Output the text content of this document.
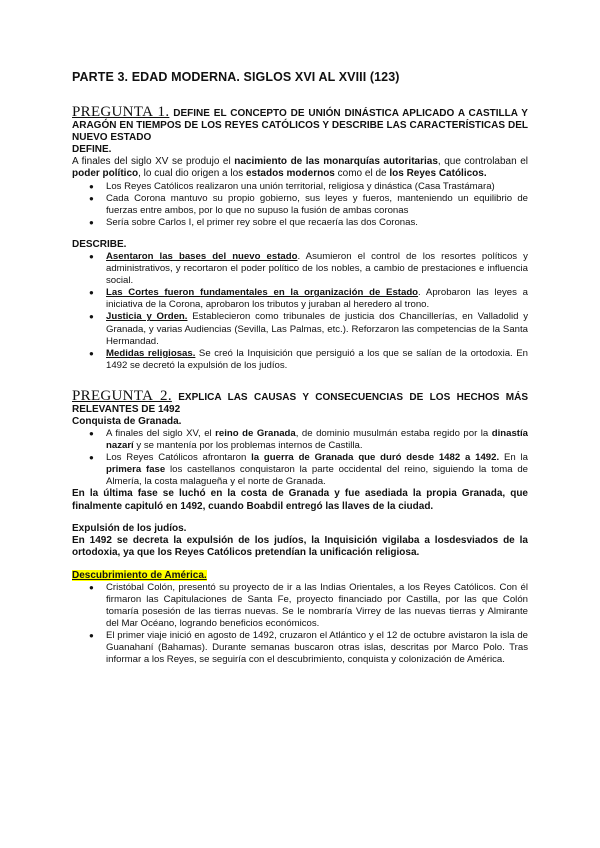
PARTE 3. EDAD MODERNA. SIGLOS XVI AL XVIII (123)

PREGUNTA 1. DEFINE EL CONCEPTO DE UNIÓN DINÁSTICA APLICADO A CASTILLA Y ARAGÓN EN TIEMPOS DE LOS REYES CATÓLICOS Y DESCRIBE LAS CARACTERÍSTICAS DEL NUEVO ESTADO

DEFINE.

A finales del siglo XV se produjo el nacimiento de las monarquías autoritarias, que controlaban el poder político, lo cual dio origen a los estados modernos como el de los Reyes Católicos.

● Los Reyes Católicos realizaron una unión territorial, religiosa y dinástica (Casa Trastámara)
● Cada Corona mantuvo su propio gobierno, sus leyes y fueros, manteniendo un equilibrio de fuerzas entre ambos, por lo que no supuso la fusión de ambas coronas
● Sería sobre Carlos I, el primer rey sobre el que recaería las dos Coronas.

DESCRIBE.

● Asentaron las bases del nuevo estado. Asumieron el control de los resortes políticos y administrativos, y recortaron el poder político de los nobles, a cambio de prestaciones e influencia social.
● Las Cortes fueron fundamentales en la organización de Estado. Aprobaron las leyes a iniciativa de la Corona, aprobaron los tributos y juraban al heredero al trono.
● Justicia y Orden. Establecieron como tribunales de justicia dos Chancillerías, en Valladolid y Granada, y varias Audiencias (Sevilla, Las Palmas, etc.). Reforzaron las competencias de la Santa Hermandad.
● Medidas religiosas. Se creó la Inquisición que persiguió a los que se salían de la ortodoxia. En 1492 se decretó la expulsión de los judíos.

PREGUNTA 2. EXPLICA LAS CAUSAS Y CONSECUENCIAS DE LOS HECHOS MÁS RELEVANTES DE 1492

Conquista de Granada.

● A finales del siglo XV, el reino de Granada, de dominio musulmán estaba regido por la dinastía nazarí y se mantenía por los problemas internos de Castilla.
● Los Reyes Católicos afrontaron la guerra de Granada que duró desde 1482 a 1492. En la primera fase los castellanos conquistaron la parte occidental del reino, siguiendo la toma de Almería, la costa malagueña y el norte de Granada.

En la última fase se luchó en la costa de Granada y fue asediada la propia Granada, que finalmente capituló en 1492, cuando Boabdil entregó las llaves de la ciudad.

Expulsión de los judíos.

En 1492 se decreta la expulsión de los judíos, la Inquisición vigilaba a losdesviados de la ortodoxia, ya que los Reyes Católicos pretendían la unificación religiosa.

Descubrimiento de América.

● Cristóbal Colón, presentó su proyecto de ir a las Indias Orientales, a los Reyes Católicos. Con él firmaron las Capitulaciones de Santa Fe, proyecto financiado por Castilla, por las que Colón tomaría posesión de las tierras nuevas. Se le nombraría Virrey de las nuevas tierras y Almirante del Mar Océano, logrando beneficios económicos.
● El primer viaje inició en agosto de 1492, cruzaron el Atlántico y el 12 de octubre avistaron la isla de Guanahaní (Bahamas). Durante semanas buscaron otras islas, descritas por Marco Polo. Tras informar a los Reyes, se seguiría con el descubrimiento, conquista y colonización de América.
